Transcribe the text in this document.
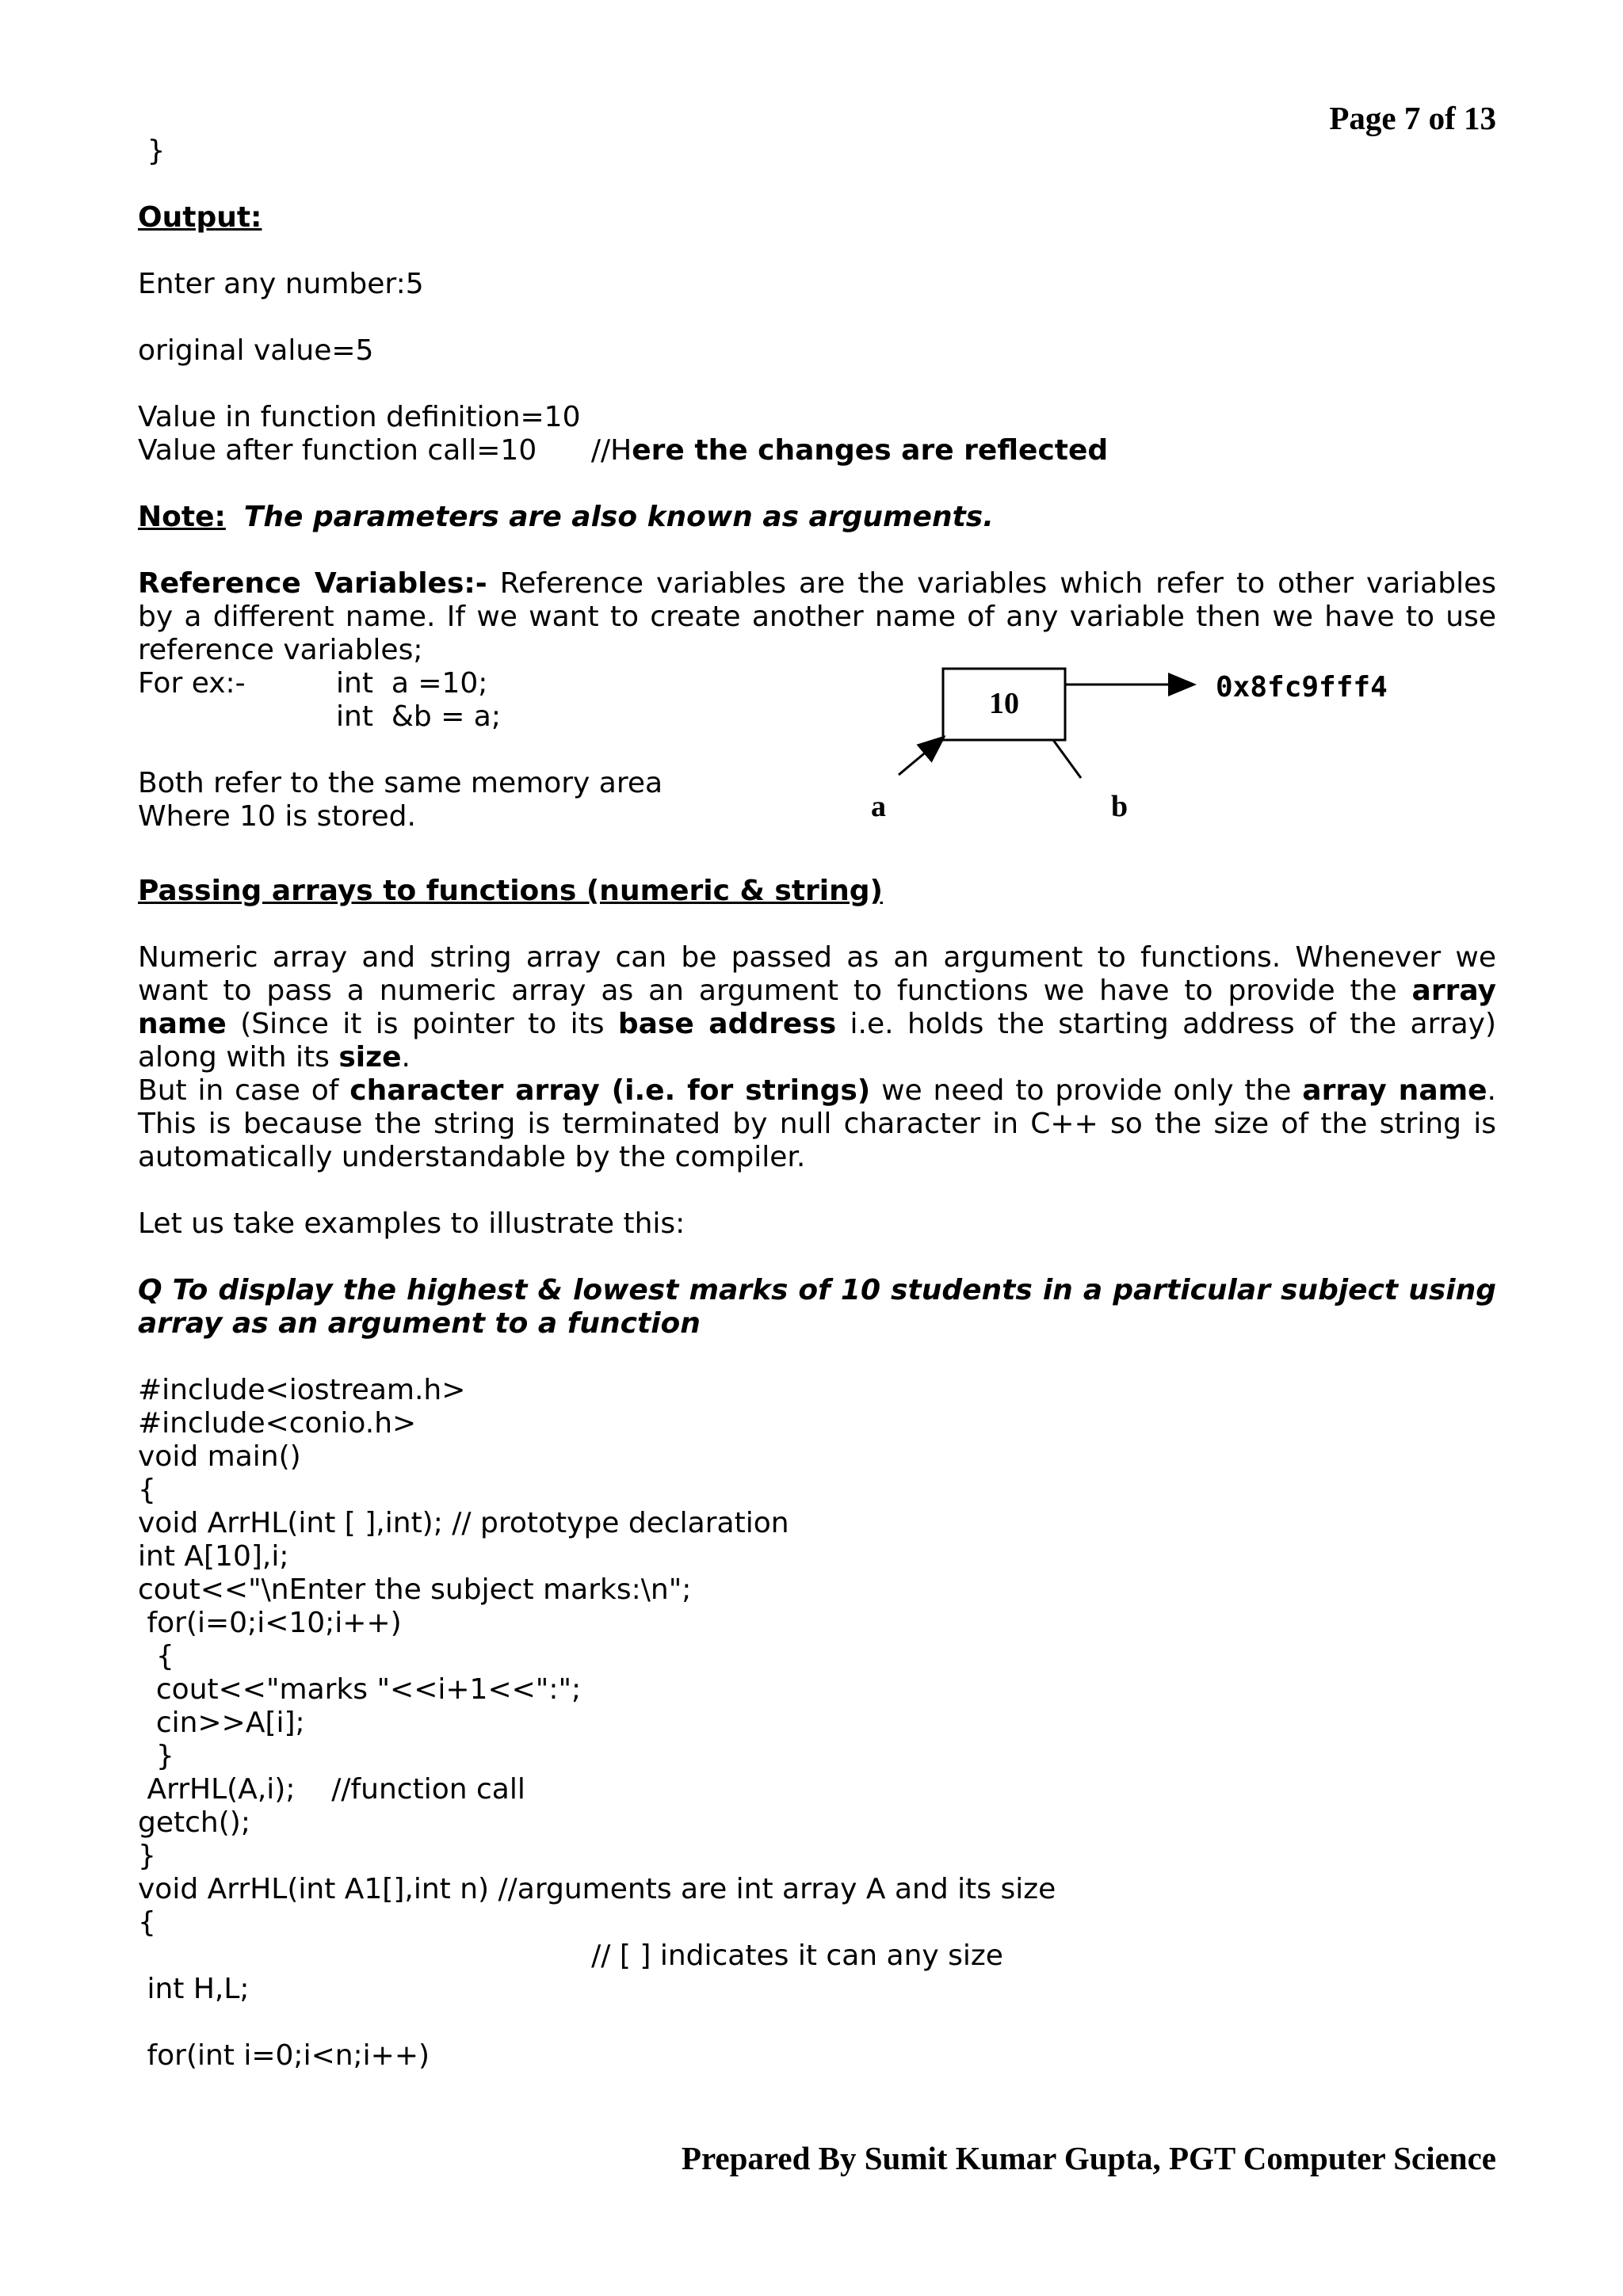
Page 7 of 13
}
Output:
Enter any number:5
original value=5
Value in function definition=10
Value after function call=10      //Here the changes are reflected
Note: The parameters are also known as arguments.
Reference Variables:- Reference variables are the variables which refer to other variables by a different name. If we want to create another name of any variable then we have to use reference variables;
For ex:-	int  a =10;
int  &b = a;
Both refer to the same memory area
Where 10 is stored.
10	0x8fc9fff4
a	b
Passing arrays to functions (numeric & string)
Numeric array and string array can be passed as an argument to functions. Whenever we want to pass a numeric array as an argument to functions we have to provide the array name (Since it is pointer to its base address i.e. holds the starting address of the array) along with its size.
But in case of character array (i.e. for strings) we need to provide only the array name. This is because the string is terminated by null character in C++ so the size of the string is automatically understandable by the compiler.
Let us take examples to illustrate this:
Q To display the highest & lowest marks of 10 students in a particular subject using array as an argument to a function
#include<iostream.h>
#include<conio.h>
void main()
{
void ArrHL(int [ ],int); // prototype declaration
int A[10],i;
cout<<"\nEnter the subject marks:\n";
for(i=0;i<10;i++)
{
cout<<"marks "<<i+1<<":";
cin>>A[i];
}
ArrHL(A,i);    //function call
getch();
}
void ArrHL(int A1[],int n) //arguments are int array A and its size
{
// [ ] indicates it can any size
int H,L;

for(int i=0;i<n;i++)
Prepared By Sumit Kumar Gupta, PGT Computer Science
